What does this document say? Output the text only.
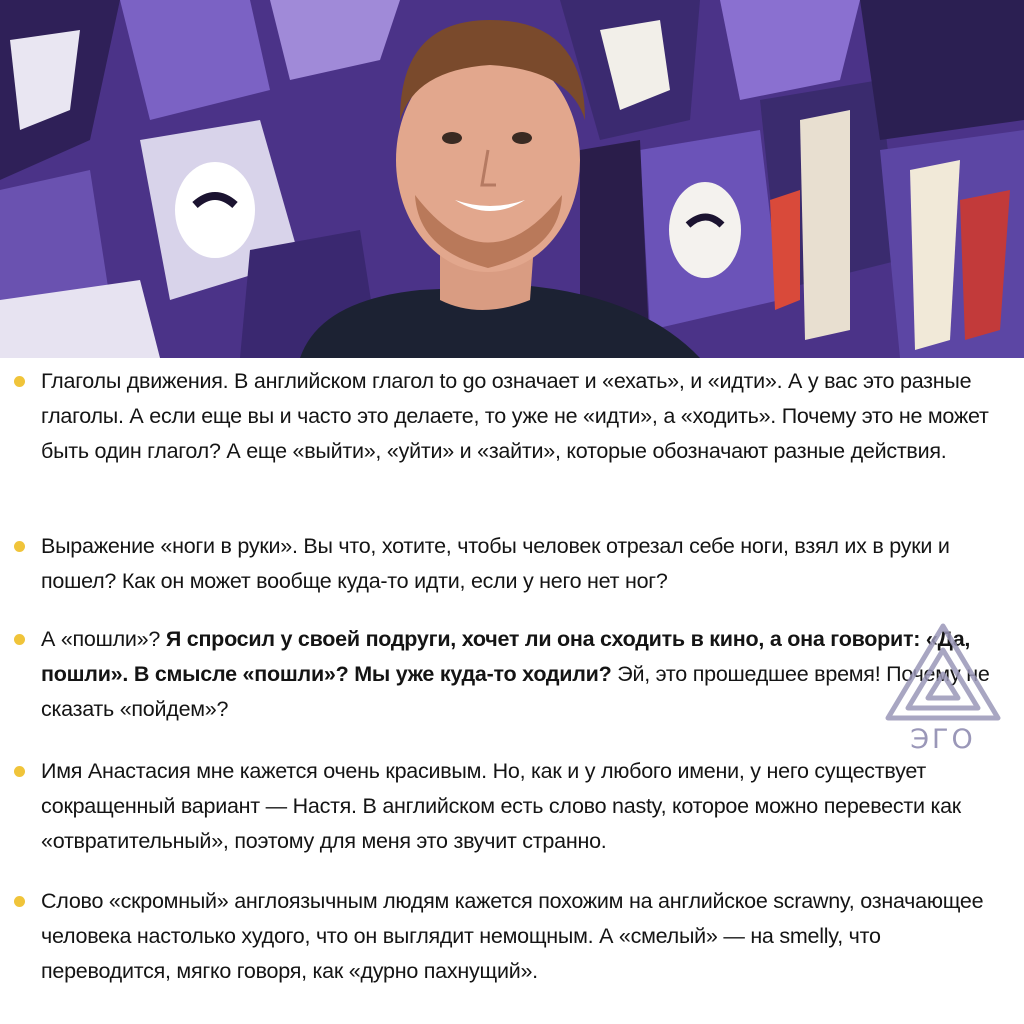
Глаголы движения. В английском глагол to go означает и «ехать», и «идти». А у вас это разные глаголы. А если еще вы и часто это делаете, то уже не «идти», а «ходить». Почему это не может быть один глагол? А еще «выйти», «уйти» и «зайти», которые обозначают разные действия.

Выражение «ноги в руки». Вы что, хотите, чтобы человек отрезал себе ноги, взял их в руки и пошел? Как он может вообще куда-то идти, если у него нет ног?

А «пошли»? Я спросил у своей подруги, хочет ли она сходить в кино, а она говорит: «Да, пошли». В смысле «пошли»? Мы уже куда-то ходили? Эй, это прошедшее время! Почему не сказать «пойдем»?

Имя Анастасия мне кажется очень красивым. Но, как и у любого имени, у него существует сокращенный вариант — Настя. В английском есть слово nasty, которое можно перевести как «отвратительный», поэтому для меня это звучит странно.

Слово «скромный» англоязычным людям кажется похожим на английское scrawny, означающее человека настолько худого, что он выглядит немощным. А «смелый» — на smelly, что переводится, мягко говоря, как «дурно пахнущий».

ЭГО
